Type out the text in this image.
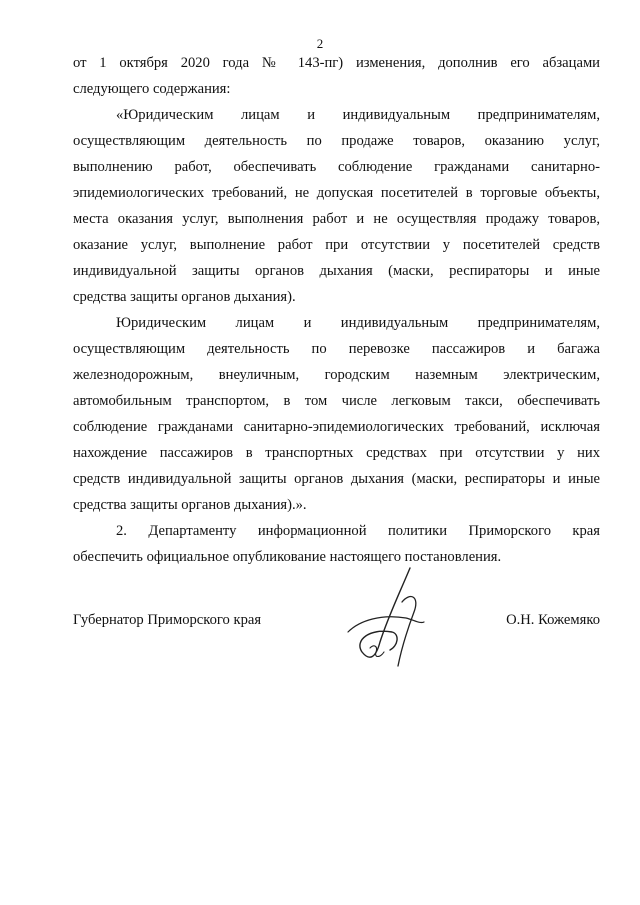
2
от 1 октября 2020 года № 143-пг) изменения, дополнив его абзацами
следующего содержания:
«Юридическим лицам и индивидуальным предпринимателям,
осуществляющим деятельность по продаже товаров, оказанию услуг,
выполнению работ, обеспечивать соблюдение гражданами санитарно-
эпидемиологических требований, не допуская посетителей в торговые объекты,
места оказания услуг, выполнения работ и не осуществляя продажу товаров,
оказание услуг, выполнение работ при отсутствии у посетителей средств
индивидуальной защиты органов дыхания (маски, респираторы и иные
средства защиты органов дыхания).
Юридическим лицам и индивидуальным предпринимателям,
осуществляющим деятельность по перевозке пассажиров и багажа
железнодорожным, внеуличным, городским наземным электрическим,
автомобильным транспортом, в том числе легковым такси, обеспечивать
соблюдение гражданами санитарно-эпидемиологических требований, исключая
нахождение пассажиров в транспортных средствах при отсутствии у них
средств индивидуальной защиты органов дыхания (маски, респираторы и иные
средства защиты органов дыхания).».
2. Департаменту информационной политики Приморского края
обеспечить официальное опубликование настоящего постановления.
Губернатор Приморского края	О.Н. Кожемяко
